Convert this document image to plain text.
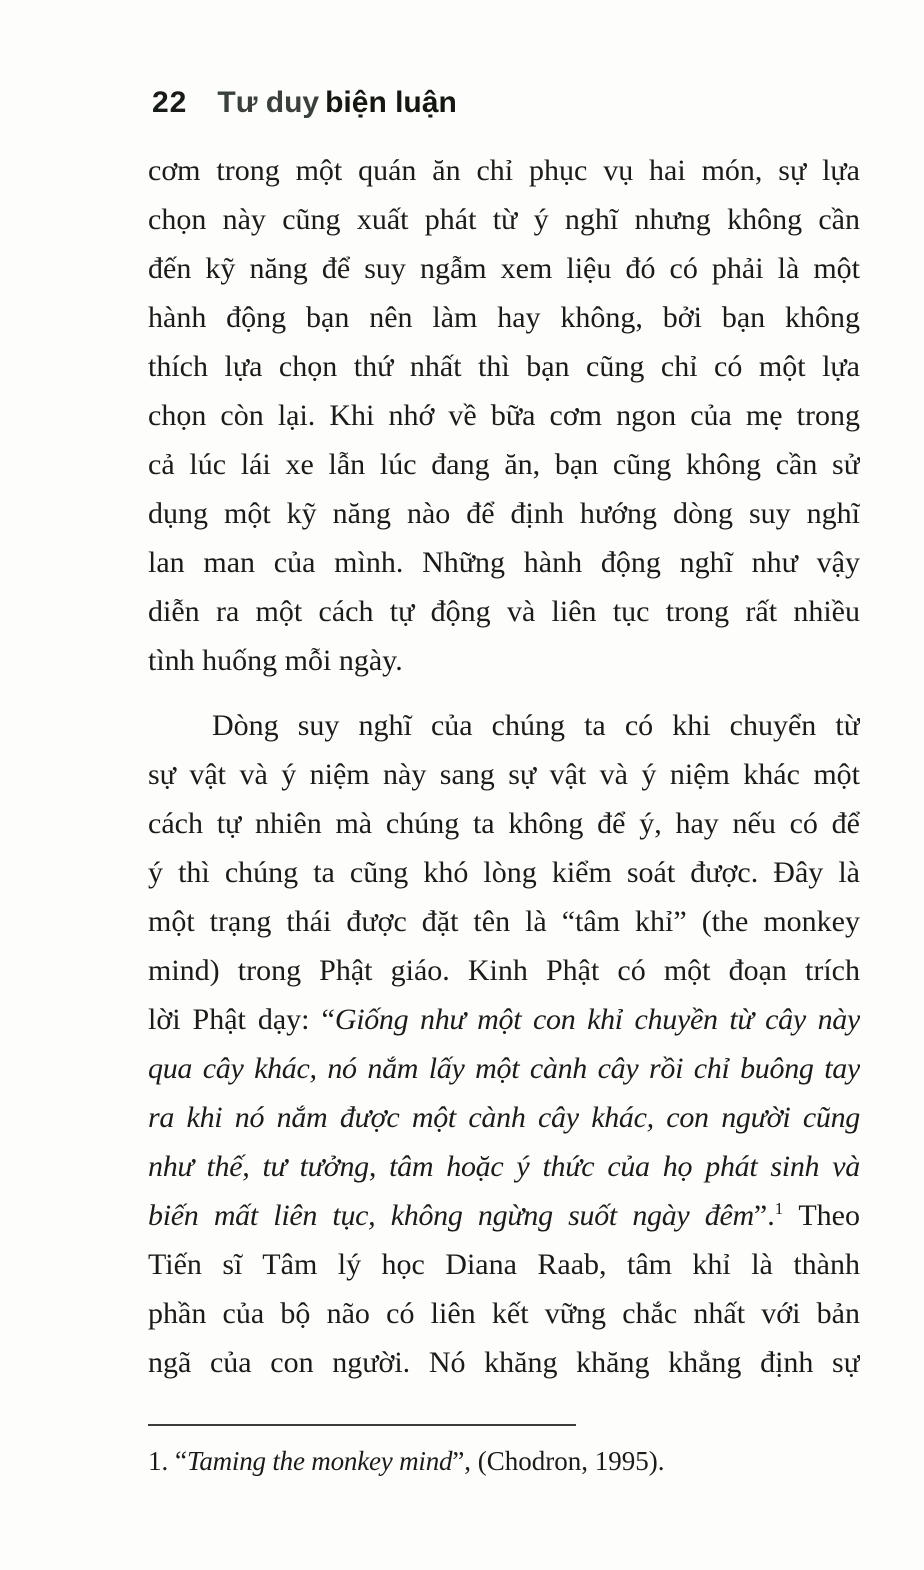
22 Tư duy biện luận
cơm trong một quán ăn chỉ phục vụ hai món, sự lựa
chọn này cũng xuất phát từ ý nghĩ nhưng không cần
đến kỹ năng để suy ngẫm xem liệu đó có phải là một
hành động bạn nên làm hay không, bởi bạn không
thích lựa chọn thứ nhất thì bạn cũng chỉ có một lựa
chọn còn lại. Khi nhớ về bữa cơm ngon của mẹ trong
cả lúc lái xe lẫn lúc đang ăn, bạn cũng không cần sử
dụng một kỹ năng nào để định hướng dòng suy nghĩ
lan man của mình. Những hành động nghĩ như vậy
diễn ra một cách tự động và liên tục trong rất nhiều
tình huống mỗi ngày.
Dòng suy nghĩ của chúng ta có khi chuyển từ
sự vật và ý niệm này sang sự vật và ý niệm khác một
cách tự nhiên mà chúng ta không để ý, hay nếu có để
ý thì chúng ta cũng khó lòng kiểm soát được. Đây là
một trạng thái được đặt tên là “tâm khỉ” (the monkey
mind) trong Phật giáo. Kinh Phật có một đoạn trích
lời Phật dạy: “Giống như một con khỉ chuyền từ cây này
qua cây khác, nó nắm lấy một cành cây rồi chỉ buông tay
ra khi nó nắm được một cành cây khác, con người cũng
như thế, tư tưởng, tâm hoặc ý thức của họ phát sinh và
biến mất liên tục, không ngừng suốt ngày đêm”.$^1$ Theo
Tiến sĩ Tâm lý học Diana Raab, tâm khỉ là thành
phần của bộ não có liên kết vững chắc nhất với bản
ngã của con người. Nó khăng khăng khẳng định sự
1. “Taming the monkey mind”, (Chodron, 1995).
